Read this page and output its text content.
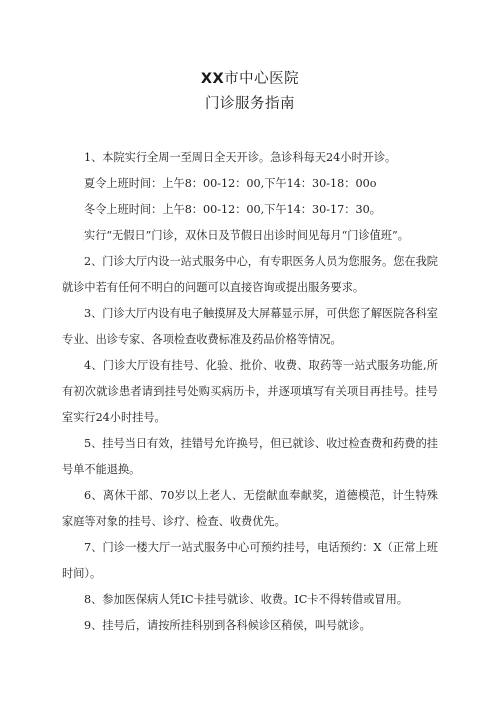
XX市中心医院
门诊服务指南

1、本院实行全周一至周日全天开诊。急诊科每天24小时开诊。

夏令上班时间：上午8：00-12：00,下午14：30-18：00o

冬令上班时间：上午8：00-12：00,下午14：30-17：30。

实行“无假日”门诊，双休日及节假日出诊时间见每月“门诊值班”。

2、门诊大厅内设一站式服务中心，有专职医务人员为您服务。您在我院就诊中若有任何不明白的问题可以直接咨询或提出服务要求。

3、门诊大厅内设有电子触摸屏及大屏幕显示屏，可供您了解医院各科室专业、出诊专家、各项检查收费标准及药品价格等情况。

4、门诊大厅设有挂号、化验、批价、收费、取药等一站式服务功能,所有初次就诊患者请到挂号处购买病历卡，并逐项填写有关项目再挂号。挂号室实行24小时挂号。

5、挂号当日有效，挂错号允许换号，但已就诊、收过检查费和药费的挂号单不能退换。

6、离休干部、70岁以上老人、无偿献血奉献奖，道德模范，计生特殊家庭等对象的挂号、诊疗、检查、收费优先。

7、门诊一楼大厅一站式服务中心可预约挂号，电话预约：X（正常上班时间）。

8、参加医保病人凭IC卡挂号就诊、收费。IC卡不得转借或冒用。

9、挂号后，请按所挂科别到各科候诊区稍侯，叫号就诊。
